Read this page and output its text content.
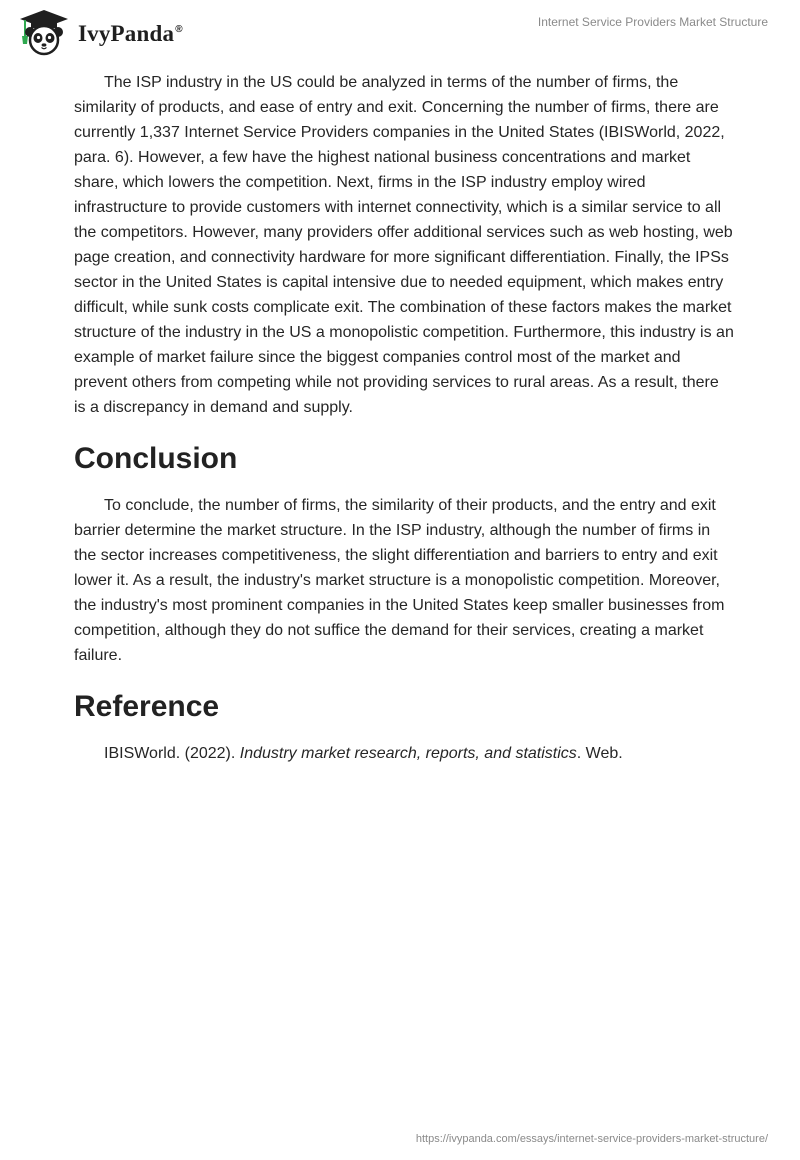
IvyPanda®
Internet Service Providers Market Structure

The ISP industry in the US could be analyzed in terms of the number of firms, the similarity of products, and ease of entry and exit. Concerning the number of firms, there are currently 1,337 Internet Service Providers companies in the United States (IBISWorld, 2022, para. 6). However, a few have the highest national business concentrations and market share, which lowers the competition. Next, firms in the ISP industry employ wired infrastructure to provide customers with internet connectivity, which is a similar service to all the competitors. However, many providers offer additional services such as web hosting, web page creation, and connectivity hardware for more significant differentiation. Finally, the IPSs sector in the United States is capital intensive due to needed equipment, which makes entry difficult, while sunk costs complicate exit. The combination of these factors makes the market structure of the industry in the US a monopolistic competition. Furthermore, this industry is an example of market failure since the biggest companies control most of the market and prevent others from competing while not providing services to rural areas. As a result, there is a discrepancy in demand and supply.

Conclusion

To conclude, the number of firms, the similarity of their products, and the entry and exit barrier determine the market structure. In the ISP industry, although the number of firms in the sector increases competitiveness, the slight differentiation and barriers to entry and exit lower it. As a result, the industry's market structure is a monopolistic competition. Moreover, the industry's most prominent companies in the United States keep smaller businesses from competition, although they do not suffice the demand for their services, creating a market failure.

Reference

IBISWorld. (2022). Industry market research, reports, and statistics. Web.

https://ivypanda.com/essays/internet-service-providers-market-structure/
